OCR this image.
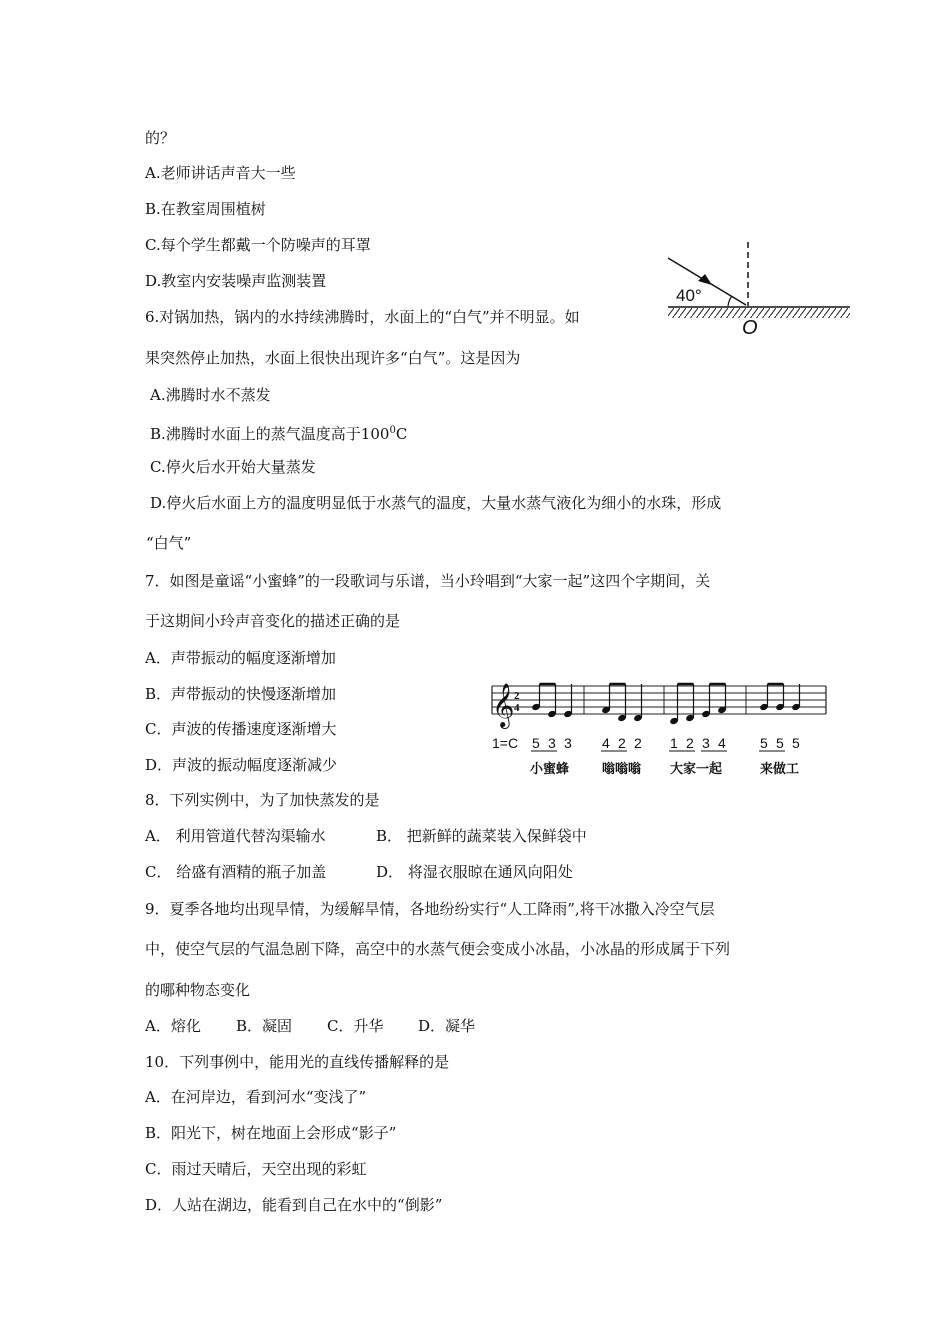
的？
A.老师讲话声音大一些
B.在教室周围植树
C.每个学生都戴一个防噪声的耳罩
D.教室内安装噪声监测装置
40°
O
6.对锅加热，锅内的水持续沸腾时，水面上的“白气”并不明显。如
果突然停止加热，水面上很快出现许多“白气”。这是因为
A.沸腾时水不蒸发
B.沸腾时水面上的蒸气温度高于$100^0C$
C.停火后水开始大量蒸发
D.停火后水面上方的温度明显低于水蒸气的温度，大量水蒸气液化为细小的水珠，形成
“白气”
7．如图是童谣“小蜜蜂”的一段歌词与乐谱，当小玲唱到“大家一起”这四个字期间，关
于这期间小玲声音变化的描述正确的是
A．声带振动的幅度逐渐增加
B．声带振动的快慢逐渐增加
C．声波的传播速度逐渐增大
D．声波的振动幅度逐渐减少
𝄞 2
4
5 3 3 4 2 2 1 2 3 4 5 5 5
1=C
小蜜蜂	嗡嗡嗡 大家一起	来做工
8．下列实例中，为了加快蒸发的是
A． 利用管道代替沟渠输水	B． 把新鲜的蔬菜装入保鲜袋中
C． 给盛有酒精的瓶子加盖	D． 将湿衣服晾在通风向阳处
9．夏季各地均出现旱情，为缓解旱情，各地纷纷实行“人工降雨”,将干冰撒入冷空气层
中，使空气层的气温急剧下降，高空中的水蒸气便会变成小冰晶，小冰晶的形成属于下列
的哪种物态变化
A．熔化 B．凝固 C．升华 D．凝华
10．下列事例中，能用光的直线传播解释的是
A．在河岸边，看到河水“变浅了”
B．阳光下，树在地面上会形成“影子”
C．雨过天晴后，天空出现的彩虹
D．人站在湖边，能看到自己在水中的“倒影”
